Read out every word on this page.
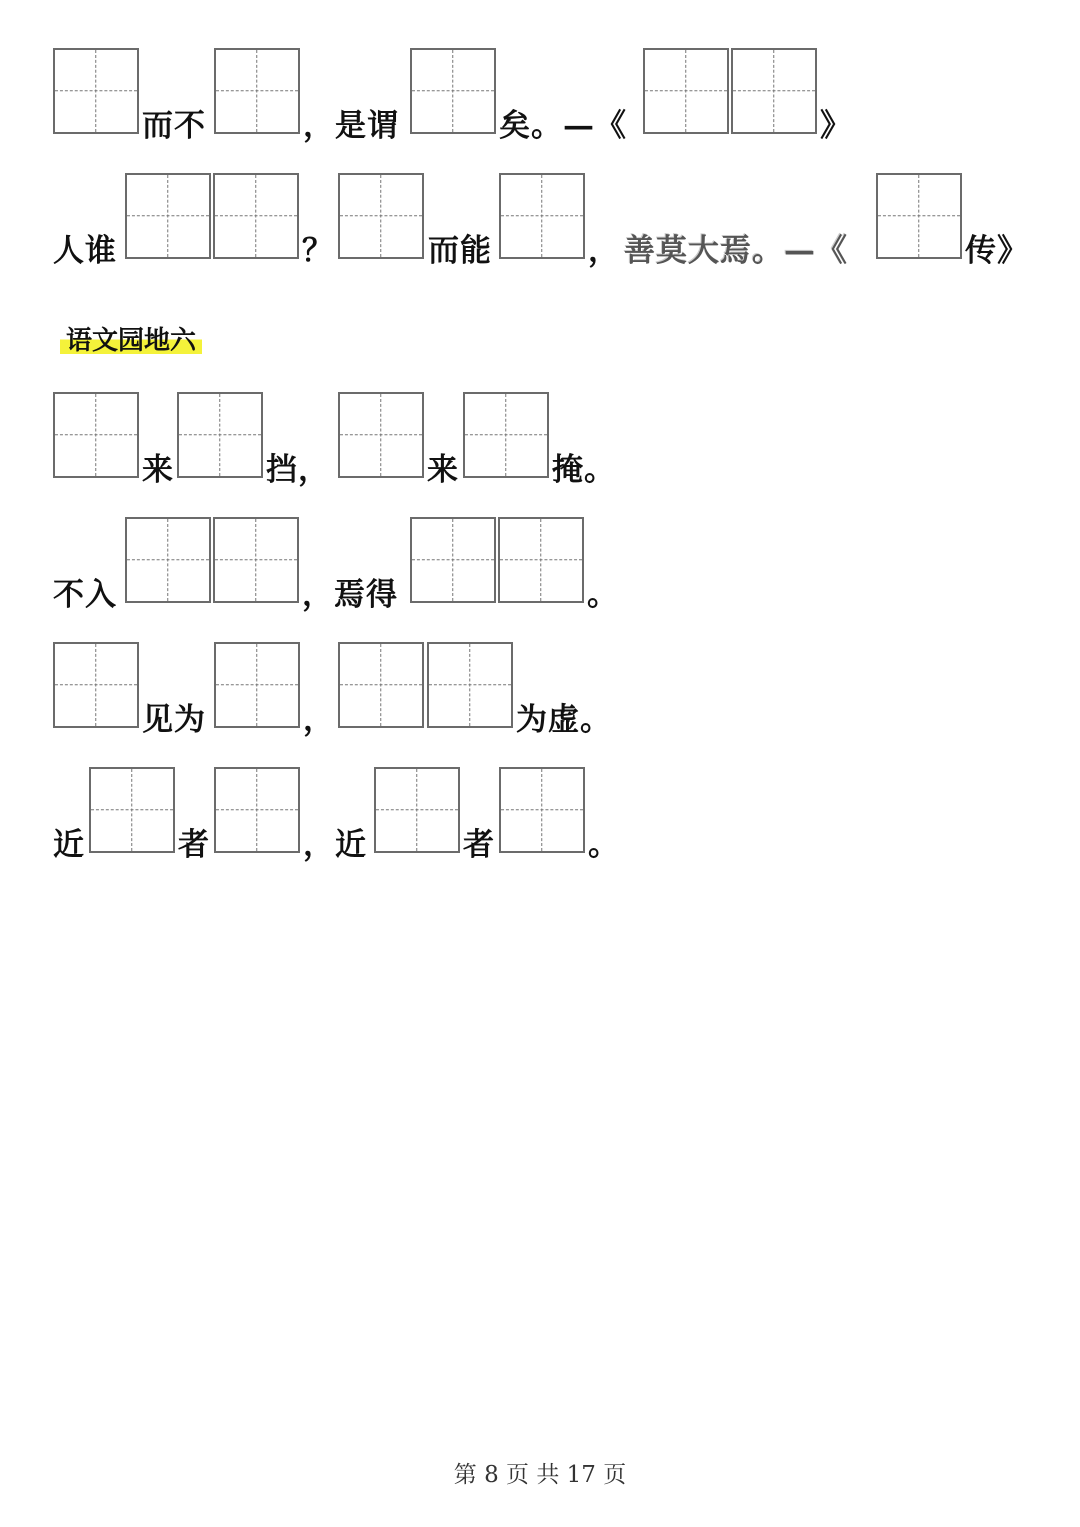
而不	，是谓	矣。—《	》
人谁	？	而能	， 善莫大焉。—《	传》
语文园地六
来	挡，	来	掩。
不入	，焉得	。
见为	，	为虚。
近	者	，近	者	。
第 8 页 共 17 页
